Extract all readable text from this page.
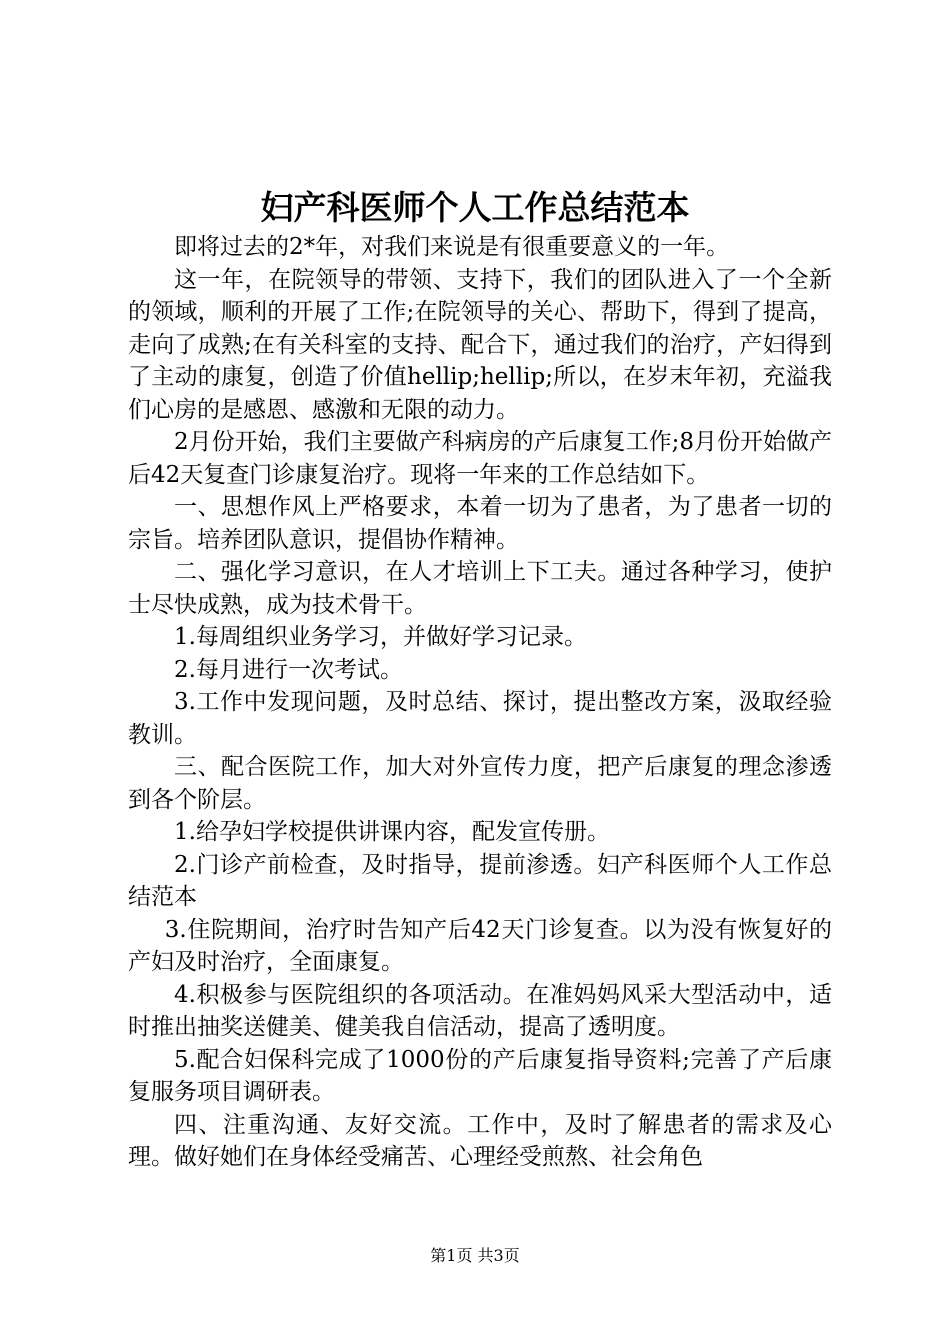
妇产科医师个人工作总结范本

即将过去的2*年，对我们来说是有很重要意义的一年。

这一年，在院领导的带领、支持下，我们的团队进入了一个全新的领域，顺利的开展了工作;在院领导的关心、帮助下，得到了提高，走向了成熟;在有关科室的支持、配合下，通过我们的治疗，产妇得到了主动的康复，创造了价值hellip;hellip;所以，在岁末年初，充溢我们心房的是感恩、感激和无限的动力。

2月份开始，我们主要做产科病房的产后康复工作;8月份开始做产后42天复查门诊康复治疗。现将一年来的工作总结如下。

一、思想作风上严格要求，本着一切为了患者，为了患者一切的宗旨。培养团队意识，提倡协作精神。

二、强化学习意识，在人才培训上下工夫。通过各种学习，使护士尽快成熟，成为技术骨干。

1.每周组织业务学习，并做好学习记录。

2.每月进行一次考试。

3.工作中发现问题，及时总结、探讨，提出整改方案，汲取经验教训。

三、配合医院工作，加大对外宣传力度，把产后康复的理念渗透到各个阶层。

1.给孕妇学校提供讲课内容，配发宣传册。

2.门诊产前检查，及时指导，提前渗透。妇产科医师个人工作总结范本

3.住院期间，治疗时告知产后42天门诊复查。以为没有恢复好的产妇及时治疗，全面康复。

4.积极参与医院组织的各项活动。在准妈妈风采大型活动中，适时推出抽奖送健美、健美我自信活动，提高了透明度。

5.配合妇保科完成了1000份的产后康复指导资料;完善了产后康复服务项目调研表。

四、注重沟通、友好交流。工作中，及时了解患者的需求及心理。做好她们在身体经受痛苦、心理经受煎熬、社会角色

第1页 共3页
